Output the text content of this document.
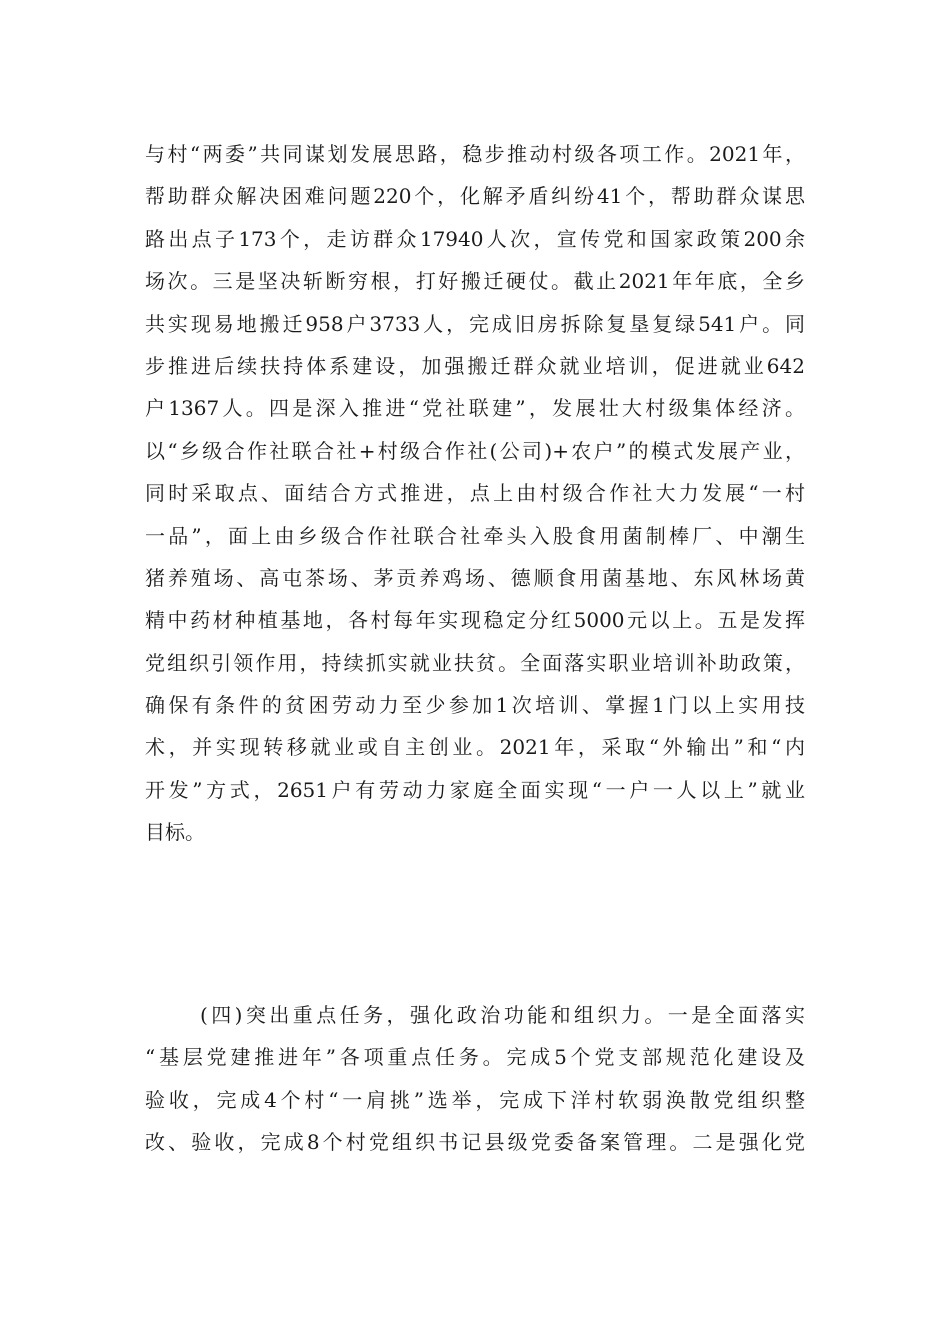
与村“两委”共同谋划发展思路，稳步推动村级各项工作。2021年，
帮助群众解决困难问题220个，化解矛盾纠纷41个，帮助群众谋思
路出点子173个，走访群众17940人次，宣传党和国家政策200余
场次。三是坚决斩断穷根，打好搬迁硬仗。截止2021年年底，全乡
共实现易地搬迁958户3733人，完成旧房拆除复垦复绿541户。同
步推进后续扶持体系建设，加强搬迁群众就业培训，促进就业642
户1367人。四是深入推进“党社联建”，发展壮大村级集体经济。
以“乡级合作社联合社+村级合作社(公司)+农户”的模式发展产业，
同时采取点、面结合方式推进，点上由村级合作社大力发展“一村
一品”，面上由乡级合作社联合社牵头入股食用菌制棒厂、中潮生
猪养殖场、高屯茶场、茅贡养鸡场、德顺食用菌基地、东风林场黄
精中药材种植基地，各村每年实现稳定分红5000元以上。五是发挥
党组织引领作用，持续抓实就业扶贫。全面落实职业培训补助政策，
确保有条件的贫困劳动力至少参加1次培训、掌握1门以上实用技
术，并实现转移就业或自主创业。2021年，采取“外输出”和“内
开发”方式，2651户有劳动力家庭全面实现“一户一人以上”就业
目标。
(四)突出重点任务，强化政治功能和组织力。一是全面落实
“基层党建推进年”各项重点任务。完成5个党支部规范化建设及
验收，完成4个村“一肩挑”选举，完成下洋村软弱涣散党组织整
改、验收，完成8个村党组织书记县级党委备案管理。二是强化党
